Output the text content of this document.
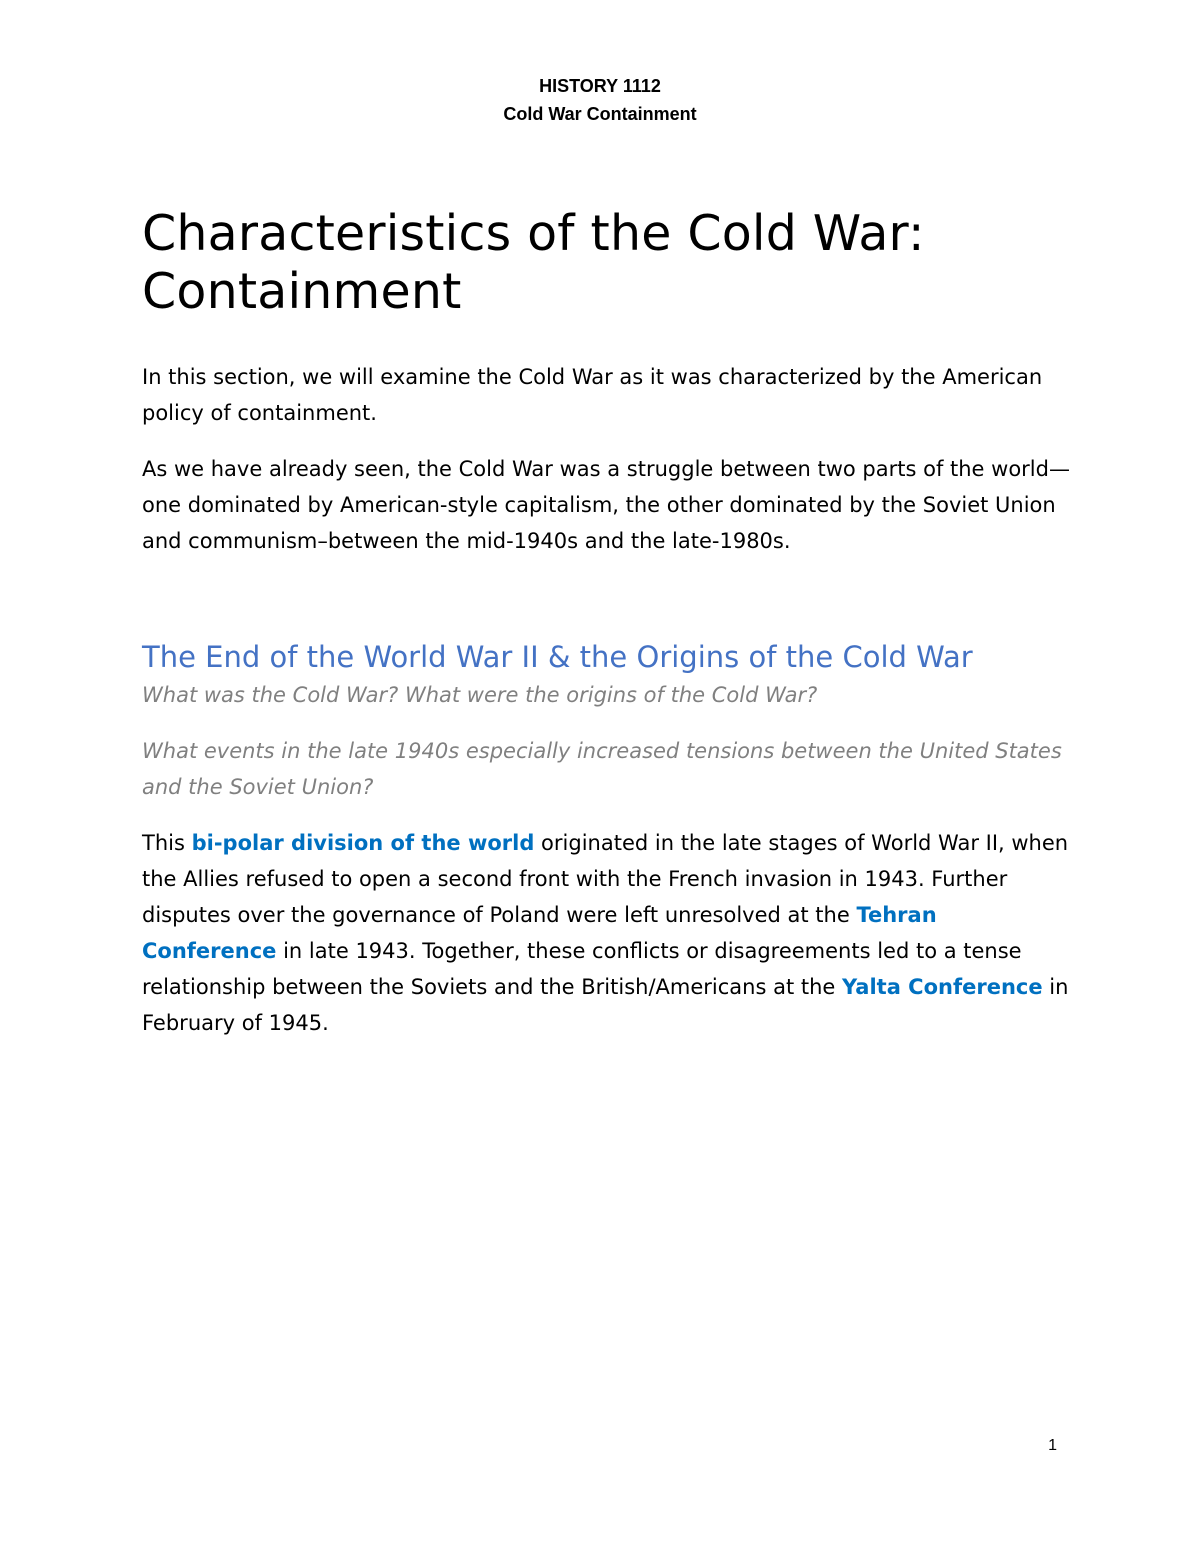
HISTORY 1112
Cold War Containment
Characteristics of the Cold War: Containment

In this section, we will examine the Cold War as it was characterized by the American policy of containment.

As we have already seen, the Cold War was a struggle between two parts of the world—one dominated by American-style capitalism, the other dominated by the Soviet Union and communism–between the mid-1940s and the late-1980s.

The End of the World War II & the Origins of the Cold War

What was the Cold War? What were the origins of the Cold War?

What events in the late 1940s especially increased tensions between the United States and the Soviet Union?

This bi-polar division of the world originated in the late stages of World War II, when the Allies refused to open a second front with the French invasion in 1943. Further disputes over the governance of Poland were left unresolved at the Tehran Conference in late 1943. Together, these conflicts or disagreements led to a tense relationship between the Soviets and the British/Americans at the Yalta Conference in February of 1945.

1
